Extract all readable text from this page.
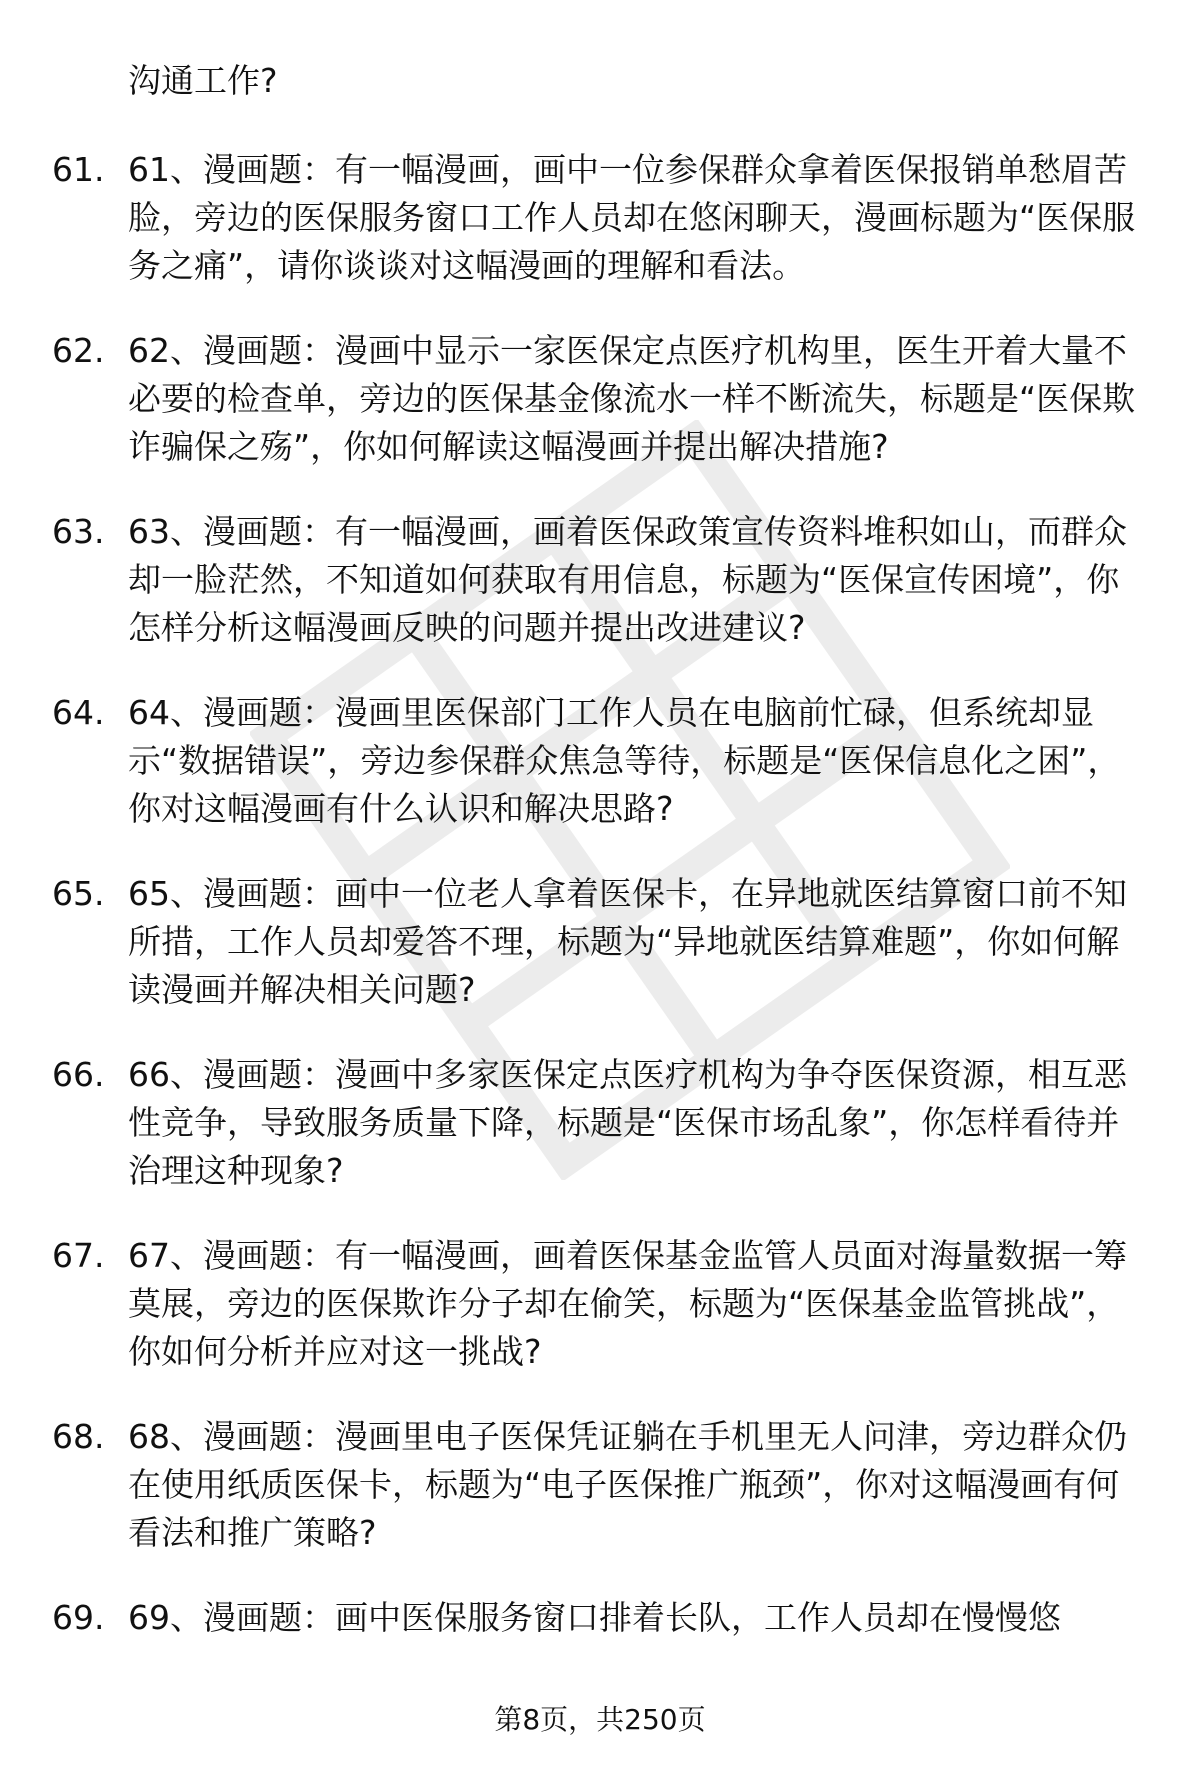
沟通工作?

61. 61、漫画题：有一幅漫画，画中一位参保群众拿着医保报销单愁眉苦脸，旁边的医保服务窗口工作人员却在悠闲聊天，漫画标题为“医保服务之痛”，请你谈谈对这幅漫画的理解和看法。

62. 62、漫画题：漫画中显示一家医保定点医疗机构里，医生开着大量不必要的检查单，旁边的医保基金像流水一样不断流失，标题是“医保欺诈骗保之殇”，你如何解读这幅漫画并提出解决措施?

63. 63、漫画题：有一幅漫画，画着医保政策宣传资料堆积如山，而群众却一脸茫然，不知道如何获取有用信息，标题为“医保宣传困境”，你怎样分析这幅漫画反映的问题并提出改进建议?

64. 64、漫画题：漫画里医保部门工作人员在电脑前忙碌，但系统却显示“数据错误”，旁边参保群众焦急等待，标题是“医保信息化之困”，你对这幅漫画有什么认识和解决思路?

65. 65、漫画题：画中一位老人拿着医保卡，在异地就医结算窗口前不知所措，工作人员却爱答不理，标题为“异地就医结算难题”，你如何解读漫画并解决相关问题?

66. 66、漫画题：漫画中多家医保定点医疗机构为争夺医保资源，相互恶性竞争，导致服务质量下降，标题是“医保市场乱象”，你怎样看待并治理这种现象?

67. 67、漫画题：有一幅漫画，画着医保基金监管人员面对海量数据一筹莫展，旁边的医保欺诈分子却在偷笑，标题为“医保基金监管挑战”，你如何分析并应对这一挑战?

68. 68、漫画题：漫画里电子医保凭证躺在手机里无人问津，旁边群众仍在使用纸质医保卡，标题为“电子医保推广瓶颈”，你对这幅漫画有何看法和推广策略?

69. 69、漫画题：画中医保服务窗口排着长队，工作人员却在慢慢悠

第8页，共250页
